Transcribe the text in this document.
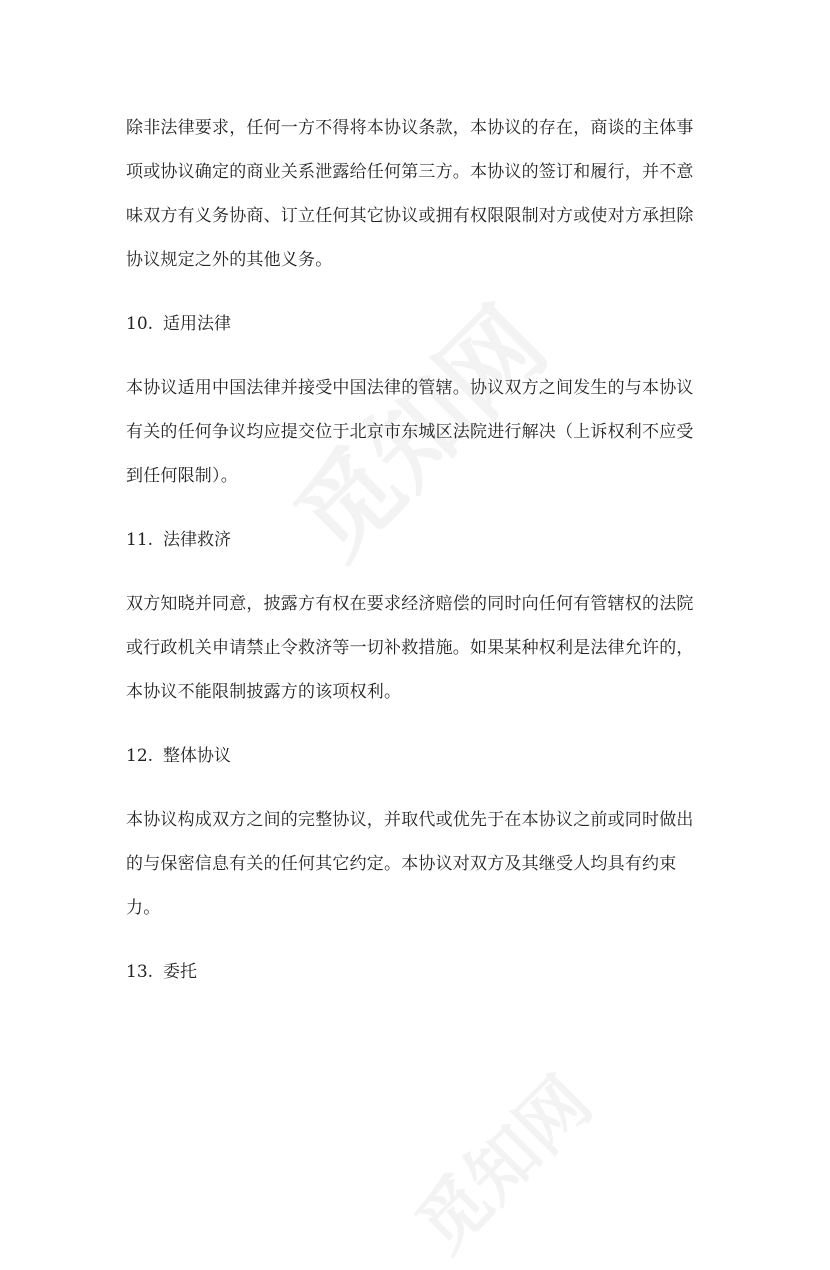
除非法律要求，任何一方不得将本协议条款，本协议的存在，商谈的主体事项或协议确定的商业关系泄露给任何第三方。本协议的签订和履行，并不意味双方有义务协商、订立任何其它协议或拥有权限限制对方或使对方承担除协议规定之外的其他义务。

10. 适用法律

本协议适用中国法律并接受中国法律的管辖。协议双方之间发生的与本协议有关的任何争议均应提交位于北京市东城区法院进行解决（上诉权利不应受到任何限制）。

11. 法律救济

双方知晓并同意，披露方有权在要求经济赔偿的同时向任何有管辖权的法院或行政机关申请禁止令救济等一切补救措施。如果某种权利是法律允许的，本协议不能限制披露方的该项权利。

12. 整体协议

本协议构成双方之间的完整协议，并取代或优先于在本协议之前或同时做出的与保密信息有关的任何其它约定。本协议对双方及其继受人均具有约束力。

13. 委托
